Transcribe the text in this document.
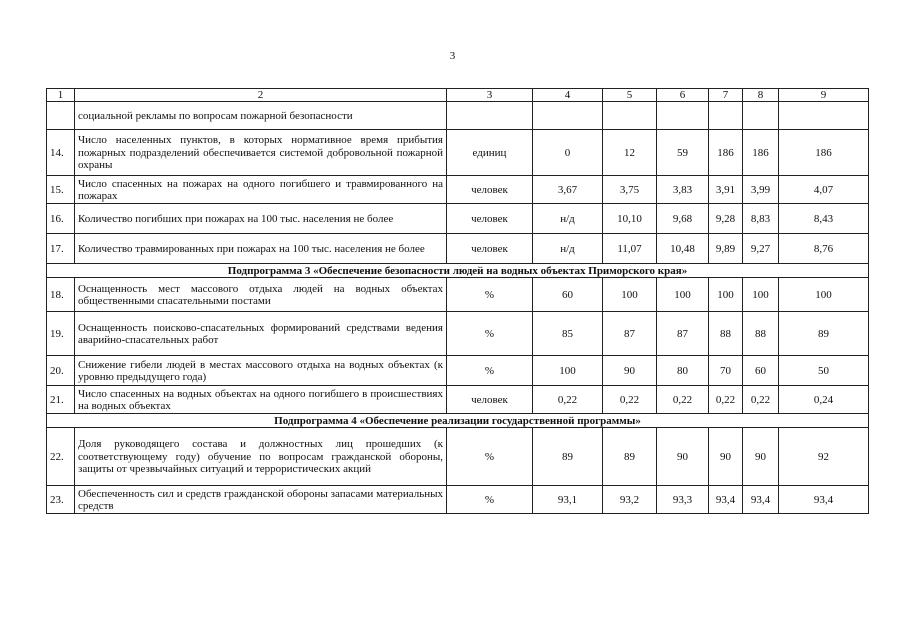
3
1	2	3	4	5	6	7	8	9
	социальной рекламы по вопросам пожарной безопасности							
14.	Число населенных пунктов, в которых нормативное время прибытия пожарных подразделений обеспечивается системой добровольной пожарной охраны	единиц	0	12	59	186	186	186
15.	Число спасенных на пожарах на одного погибшего и травмированного на пожарах	человек	3,67	3,75	3,83	3,91	3,99	4,07
16.	Количество погибших при пожарах на 100 тыс. населения не более	человек	н/д	10,10	9,68	9,28	8,83	8,43
17.	Количество травмированных при пожарах на 100 тыс. населения не более	человек	н/д	11,07	10,48	9,89	9,27	8,76
Подпрограмма 3 «Обеспечение безопасности людей на водных объектах Приморского края»								
18.	Оснащенность мест массового отдыха людей на водных объектах общественными спасательными постами	%	60	100	100	100	100	100
19.	Оснащенность поисково-спасательных формирований средствами ведения аварийно-спасательных работ	%	85	87	87	88	88	89
20.	Снижение гибели людей в местах массового отдыха на водных объектах (к уровню предыдущего года)	%	100	90	80	70	60	50
21.	Число спасенных на водных объектах на одного погибшего в происшествиях на водных объектах	человек	0,22	0,22	0,22	0,22	0,22	0,24
Подпрограмма 4 «Обеспечение реализации государственной программы»								
22.	Доля руководящего состава и должностных лиц прошедших (к соответствующему году) обучение по вопросам гражданской обороны, защиты от чрезвычайных ситуаций и террористических акций	%	89	89	90	90	90	92
23.	Обеспеченность сил и средств гражданской обороны запасами материальных средств	%	93,1	93,2	93,3	93,4	93,4	93,4
